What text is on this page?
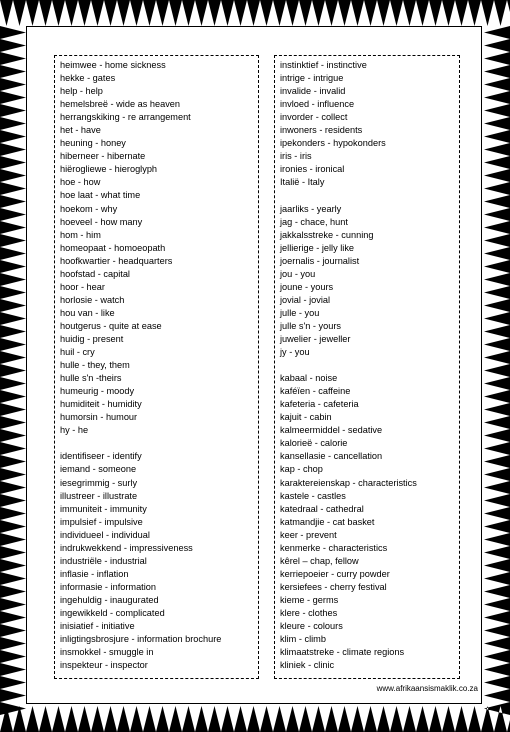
heimwee - home sickness
hekke - gates
help - help
hemelsbreë - wide as heaven
herrangskiking - re arrangement
het - have
heuning - honey
hiberneer - hibernate
hiërogliewe - hieroglyph
hoe - how
hoe laat - what time
hoekom - why
hoeveel - how many
hom - him
homeopaat - homoeopath
hoofkwartier - headquarters
hoofstad - capital
hoor - hear
horlosie - watch
hou van - like
houtgerus - quite at ease
huidig - present
huil - cry
hulle - they, them
hulle s'n -theirs
humeurig - moody
humiditeit - humidity
humorsin - humour
hy - he
identifiseer - identify
iemand - someone
iesegrimmig - surly
illustreer - illustrate
immuniteit - immunity
impulsief - impulsive
individueel - individual
indrukwekkend - impressiveness
industriële - industrial
inflasie - inflation
informasie - information
ingehuldig - inaugurated
ingewikkeld - complicated
inisiatief - initiative
inligtingsbrosjure - information brochure
insmokkel - smuggle in
inspekteur - inspector
instinktief - instinctive
intrige - intrigue
invalide - invalid
invloed - influence
invorder - collect
inwoners - residents
ipekonders - hypokonders
iris - iris
ironies - ironical
Italië - Italy
jaarliks - yearly
jag - chace, hunt
jakkalsstreke - cunning
jellierige - jelly like
joernalis - journalist
jou - you
joune - yours
jovial - jovial
julle - you
julle s'n - yours
juwelier - jeweller
jy - you
kabaal - noise
kaféïen - caffeine
kafeteria - cafeteria
kajuit - cabin
kalmeermiddel - sedative
kalorieë - calorie
kansellasie - cancellation
kap - chop
karaktereienskap - characteristics
kastele - castles
katedraal - cathedral
katmandjie - cat basket
keer - prevent
kenmerke - characteristics
kêrel – chap, fellow
kerriepoeier - curry powder
kersiefees - cherry festival
kieme - germs
klere - clothes
kleure - colours
klim - climb
klimaatstreke - climate regions
kliniek - clinic
www.afrikaansismaklik.co.za
